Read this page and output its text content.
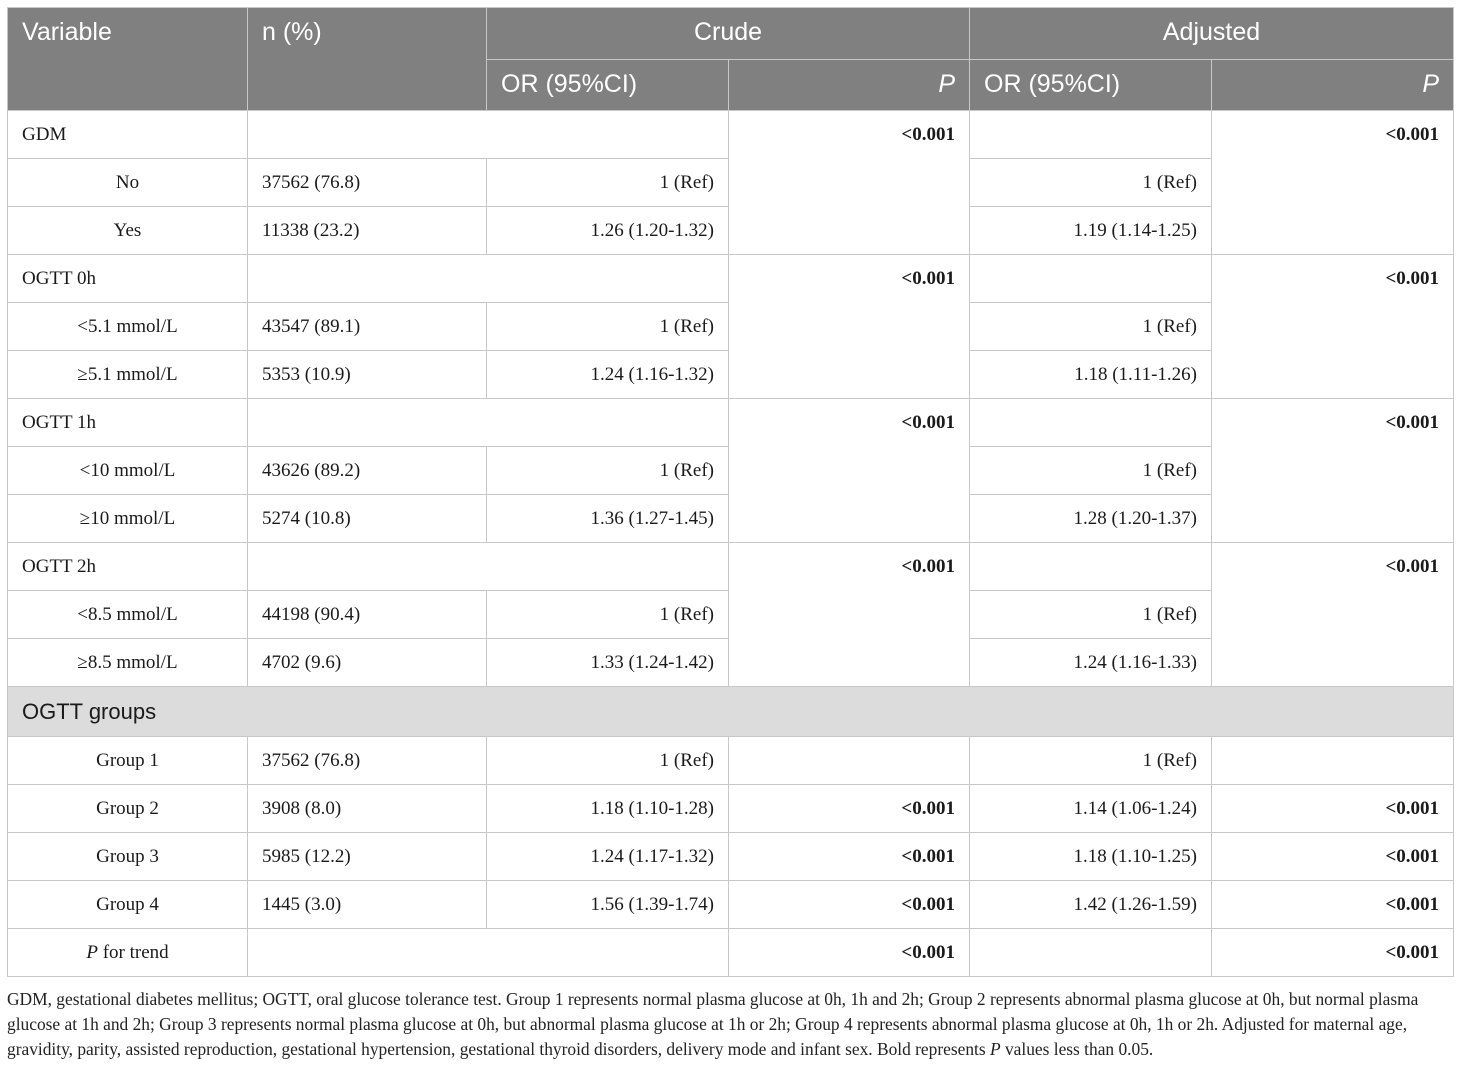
Variable	n (%)	Crude		Adjusted	
		OR (95%CI)	P	OR (95%CI)	P
GDM			<0.001		<0.001
No	37562 (76.8)	1 (Ref)		1 (Ref)	
Yes	11338 (23.2)	1.26 (1.20-1.32)		1.19 (1.14-1.25)	
OGTT 0h			<0.001		<0.001
<5.1 mmol/L	43547 (89.1)	1 (Ref)		1 (Ref)	
≥5.1 mmol/L	5353 (10.9)	1.24 (1.16-1.32)		1.18 (1.11-1.26)	
OGTT 1h			<0.001		<0.001
<10 mmol/L	43626 (89.2)	1 (Ref)		1 (Ref)	
≥10 mmol/L	5274 (10.8)	1.36 (1.27-1.45)		1.28 (1.20-1.37)	
OGTT 2h			<0.001		<0.001
<8.5 mmol/L	44198 (90.4)	1 (Ref)		1 (Ref)	
≥8.5 mmol/L	4702 (9.6)	1.33 (1.24-1.42)		1.24 (1.16-1.33)	
OGTT groups					
Group 1	37562 (76.8)	1 (Ref)		1 (Ref)	
Group 2	3908 (8.0)	1.18 (1.10-1.28)	<0.001	1.14 (1.06-1.24)	<0.001
Group 3	5985 (12.2)	1.24 (1.17-1.32)	<0.001	1.18 (1.10-1.25)	<0.001
Group 4	1445 (3.0)	1.56 (1.39-1.74)	<0.001	1.42 (1.26-1.59)	<0.001
P for trend			<0.001		<0.001
GDM, gestational diabetes mellitus; OGTT, oral glucose tolerance test. Group 1 represents normal plasma glucose at 0h, 1h and 2h; Group 2 represents abnormal plasma glucose at 0h, but normal plasma glucose at 1h and 2h; Group 3 represents normal plasma glucose at 0h, but abnormal plasma glucose at 1h or 2h; Group 4 represents abnormal plasma glucose at 0h, 1h or 2h. Adjusted for maternal age, gravidity, parity, assisted reproduction, gestational hypertension, gestational thyroid disorders, delivery mode and infant sex. Bold represents P values less than 0.05.
